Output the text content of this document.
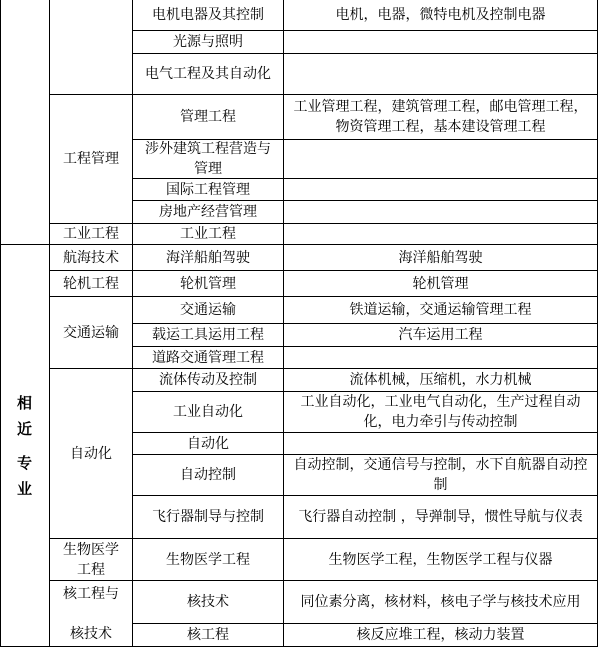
相
近
专
业
工程管理
工业工程
航海技术
轮机工程
交通运输
自动化
生物医学工程
核工程与
核技术
电机电器及其控制
光源与照明
电气工程及其自动化
管理工程
涉外建筑工程营造与管理
国际工程管理
房地产经营管理
工业工程
海洋船舶驾驶
轮机管理
交通运输
载运工具运用工程
道路交通管理工程
流体传动及控制
工业自动化
自动化
自动控制
飞行器制导与控制
生物医学工程
核技术
核工程
电机，电器，微特电机及控制电器
工业管理工程，建筑管理工程，邮电管理工程，物资管理工程，基本建设管理工程
海洋船舶驾驶
轮机管理
铁道运输，交通运输管理工程
汽车运用工程
流体机械，压缩机，水力机械
工业自动化，工业电气自动化，生产过程自动化，电力牵引与传动控制
自动控制，交通信号与控制，水下自航器自动控制
飞行器自动控制 ，导弹制导，惯性导航与仪表
生物医学工程，生物医学工程与仪器
同位素分离，核材料，核电子学与核技术应用
核反应堆工程，核动力装置
